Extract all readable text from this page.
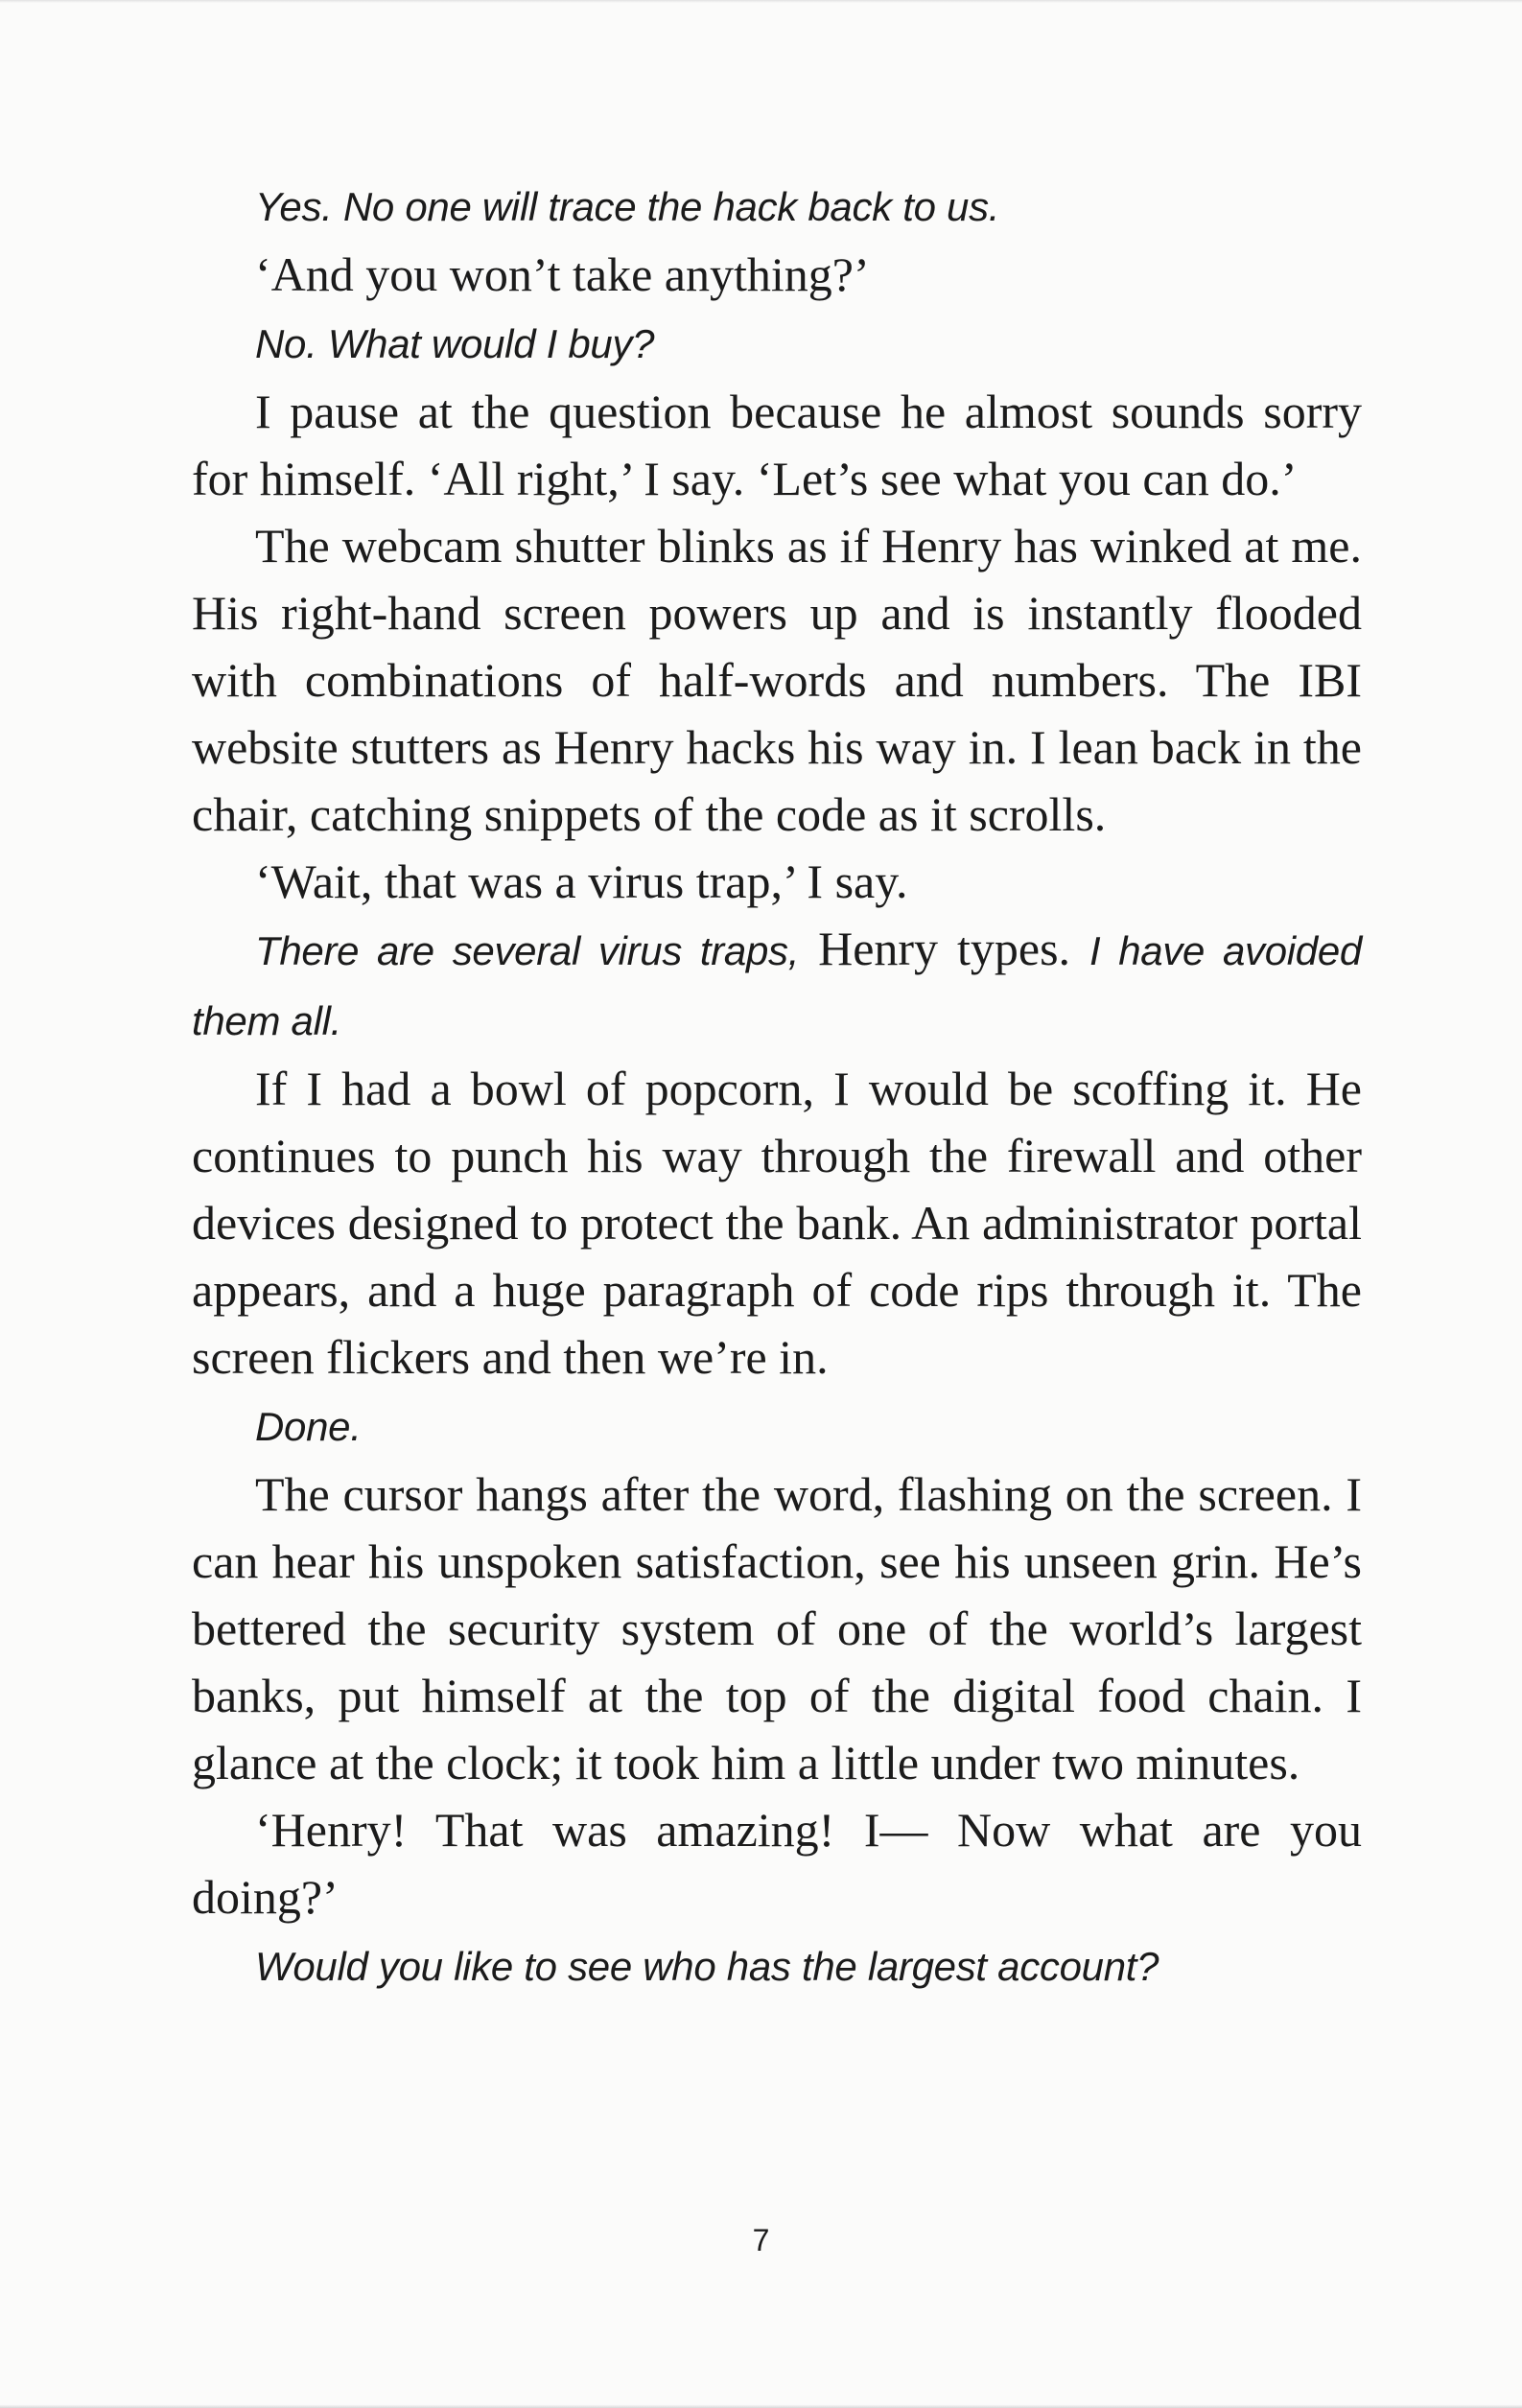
Yes. No one will trace the hack back to us.

‘And you won’t take anything?’

No. What would I buy?

I pause at the question because he almost sounds sorry for himself. ‘All right,’ I say. ‘Let’s see what you can do.’

The webcam shutter blinks as if Henry has winked at me. His right-hand screen powers up and is instantly flooded with combinations of half-words and numbers. The IBI website stutters as Henry hacks his way in. I lean back in the chair, catching snippets of the code as it scrolls.

‘Wait, that was a virus trap,’ I say.

There are several virus traps, Henry types. I have avoided them all.

If I had a bowl of popcorn, I would be scoffing it. He continues to punch his way through the firewall and other devices designed to protect the bank. An administrator portal appears, and a huge paragraph of code rips through it. The screen flickers and then we’re in.

Done.

The cursor hangs after the word, flashing on the screen. I can hear his unspoken satisfaction, see his unseen grin. He’s bettered the security system of one of the world’s largest banks, put himself at the top of the digital food chain. I glance at the clock; it took him a little under two minutes.

‘Henry! That was amazing! I— Now what are you doing?’

Would you like to see who has the largest account?

7
